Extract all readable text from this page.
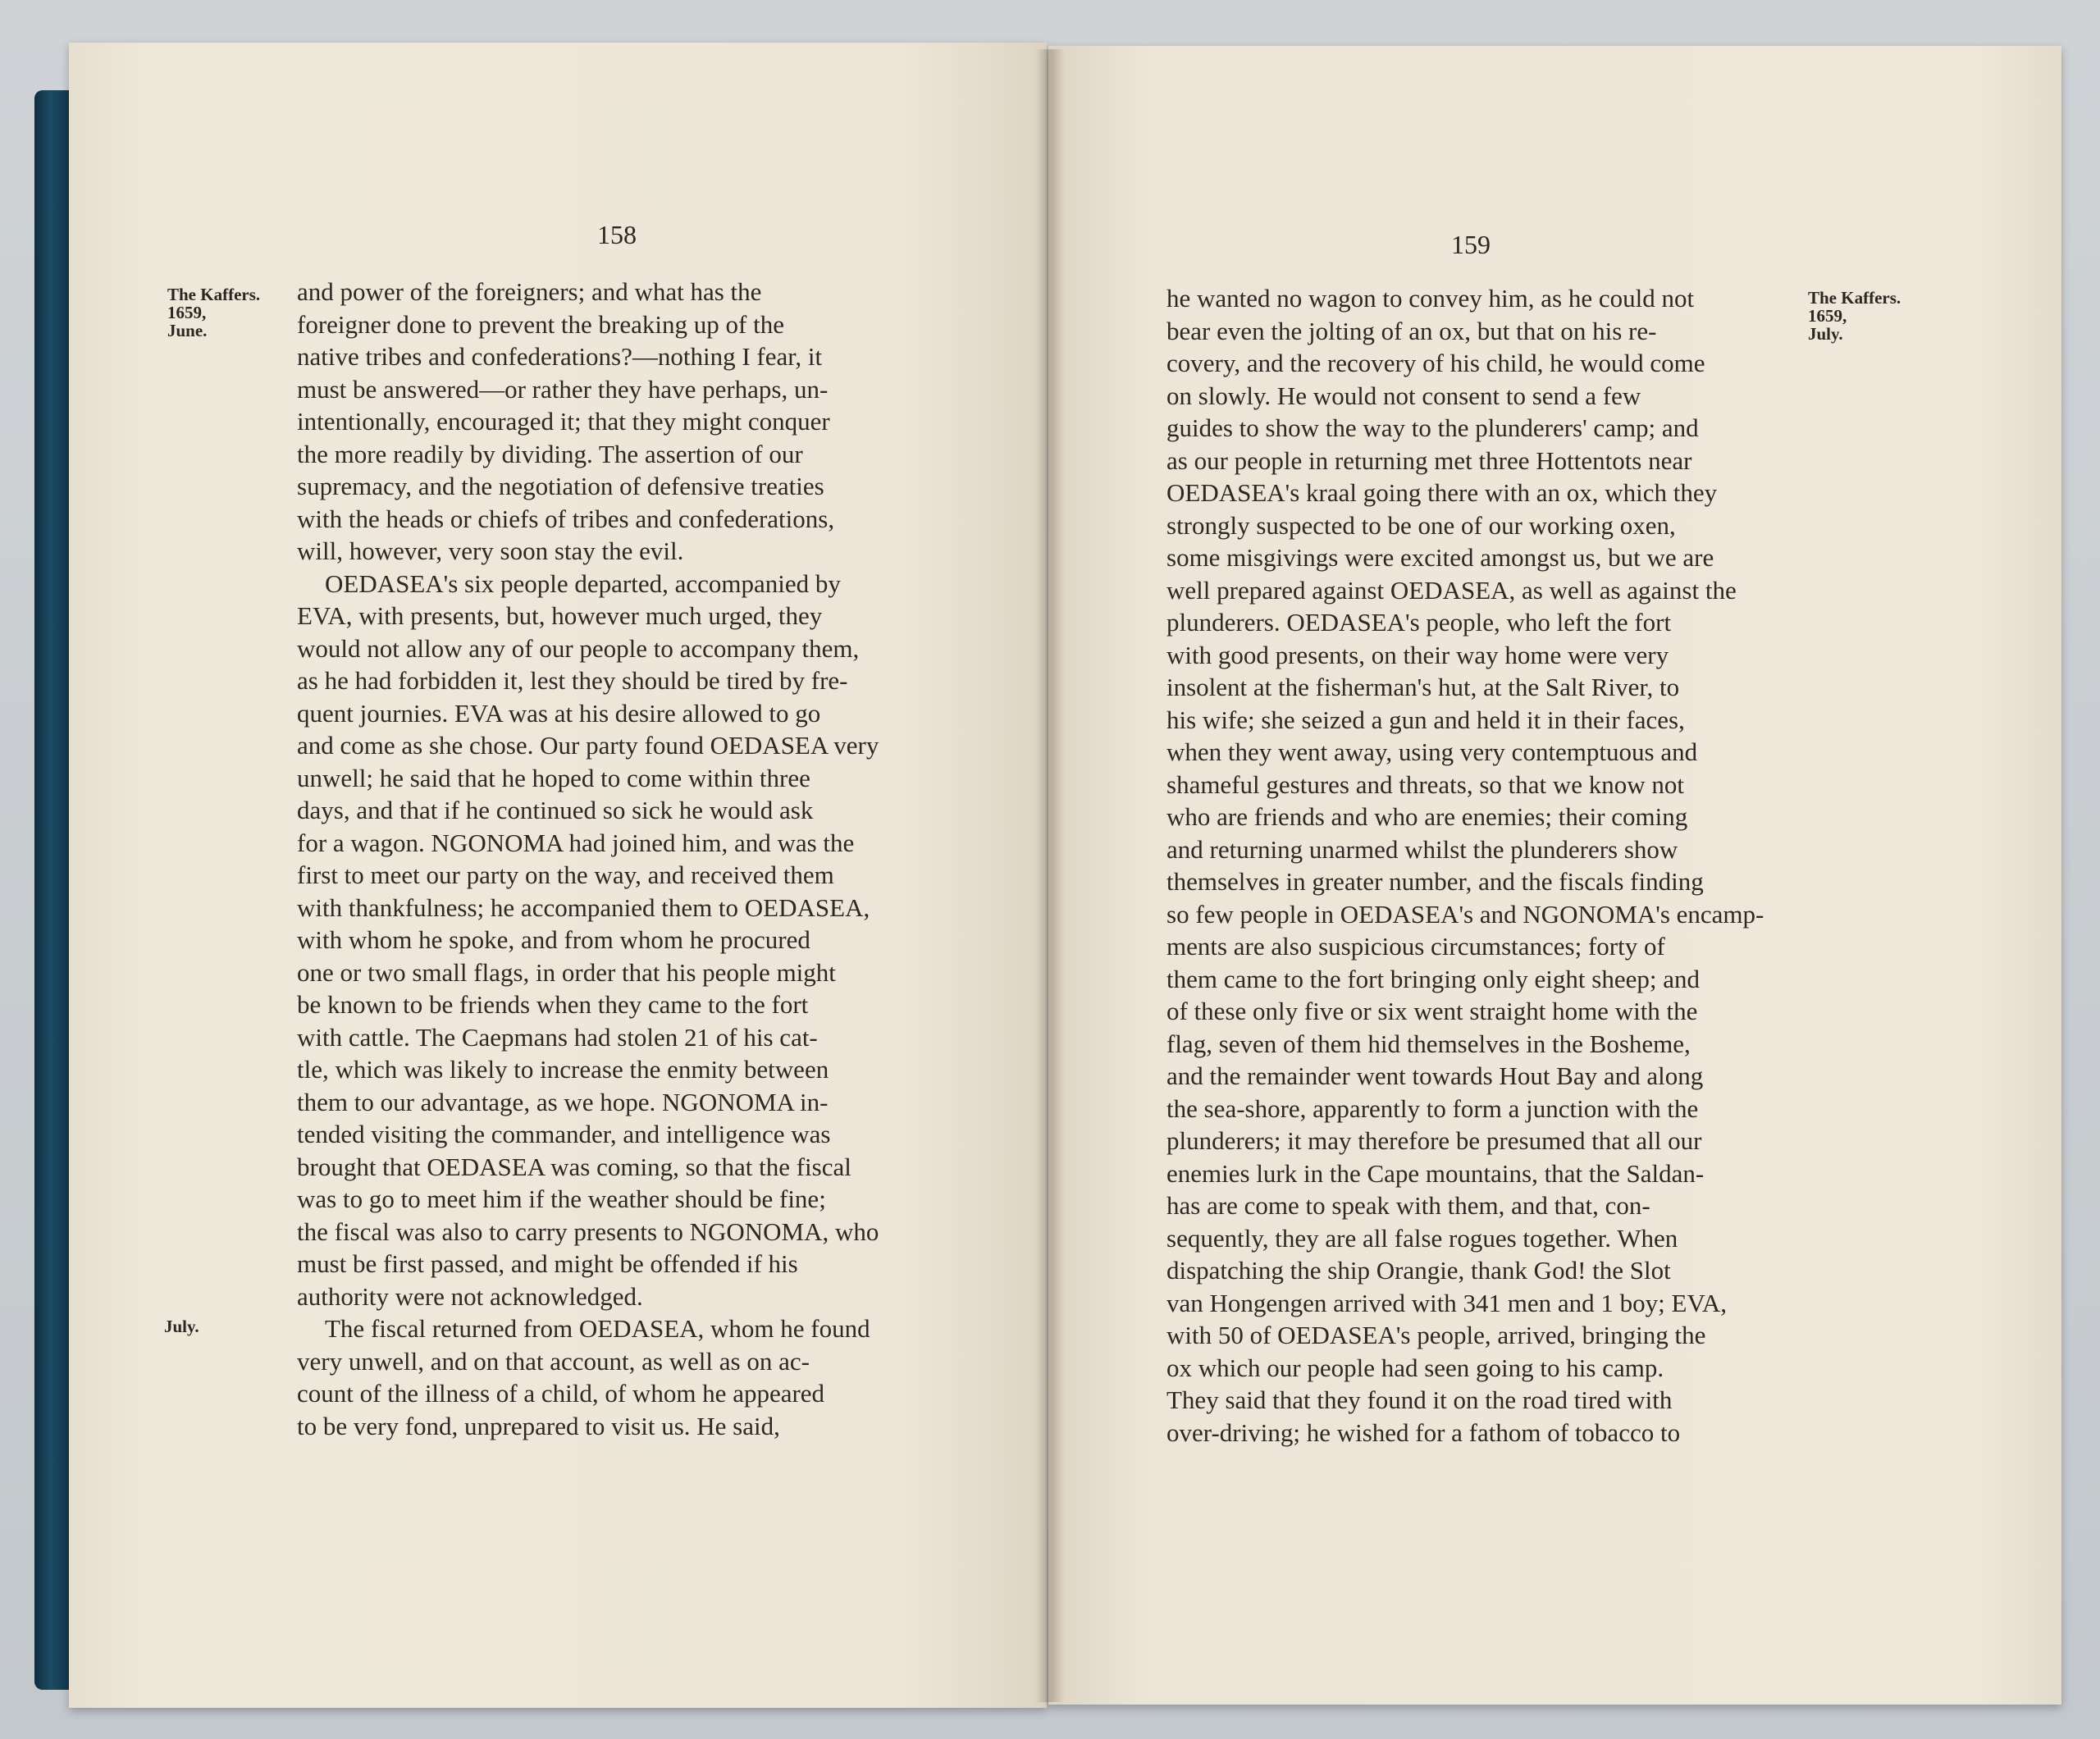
158	159
The Kaffers.
1659,
June.
July.
The Kaffers.
1659,
July.
and power of the foreigners; and what has the
foreigner done to prevent the breaking up of the
native tribes and confederations?—nothing I fear, it
must be answered—or rather they have perhaps, un-
intentionally, encouraged it; that they might conquer
the more readily by dividing. The assertion of our
supremacy, and the negotiation of defensive treaties
with the heads or chiefs of tribes and confederations,
will, however, very soon stay the evil.
OEDASEA's six people departed, accompanied by
EVA, with presents, but, however much urged, they
would not allow any of our people to accompany them,
as he had forbidden it, lest they should be tired by fre-
quent journies. EVA was at his desire allowed to go
and come as she chose. Our party found OEDASEA very
unwell; he said that he hoped to come within three
days, and that if he continued so sick he would ask
for a wagon. NGONOMA had joined him, and was the
first to meet our party on the way, and received them
with thankfulness; he accompanied them to OEDASEA,
with whom he spoke, and from whom he procured
one or two small flags, in order that his people might
be known to be friends when they came to the fort
with cattle. The Caepmans had stolen 21 of his cat-
tle, which was likely to increase the enmity between
them to our advantage, as we hope. NGONOMA in-
tended visiting the commander, and intelligence was
brought that OEDASEA was coming, so that the fiscal
was to go to meet him if the weather should be fine;
the fiscal was also to carry presents to NGONOMA, who
must be first passed, and might be offended if his
authority were not acknowledged.
The fiscal returned from OEDASEA, whom he found
very unwell, and on that account, as well as on ac-
count of the illness of a child, of whom he appeared
to be very fond, unprepared to visit us. He said,
he wanted no wagon to convey him, as he could not
bear even the jolting of an ox, but that on his re-
covery, and the recovery of his child, he would come
on slowly. He would not consent to send a few
guides to show the way to the plunderers' camp; and
as our people in returning met three Hottentots near
OEDASEA's kraal going there with an ox, which they
strongly suspected to be one of our working oxen,
some misgivings were excited amongst us, but we are
well prepared against OEDASEA, as well as against the
plunderers. OEDASEA's people, who left the fort
with good presents, on their way home were very
insolent at the fisherman's hut, at the Salt River, to
his wife; she seized a gun and held it in their faces,
when they went away, using very contemptuous and
shameful gestures and threats, so that we know not
who are friends and who are enemies; their coming
and returning unarmed whilst the plunderers show
themselves in greater number, and the fiscals finding
so few people in OEDASEA's and NGONOMA's encamp-
ments are also suspicious circumstances; forty of
them came to the fort bringing only eight sheep; and
of these only five or six went straight home with the
flag, seven of them hid themselves in the Bosheme,
and the remainder went towards Hout Bay and along
the sea-shore, apparently to form a junction with the
plunderers; it may therefore be presumed that all our
enemies lurk in the Cape mountains, that the Saldan-
has are come to speak with them, and that, con-
sequently, they are all false rogues together. When
dispatching the ship Orangie, thank God! the Slot
van Hongengen arrived with 341 men and 1 boy; EVA,
with 50 of OEDASEA's people, arrived, bringing the
ox which our people had seen going to his camp.
They said that they found it on the road tired with
over-driving; he wished for a fathom of tobacco to
